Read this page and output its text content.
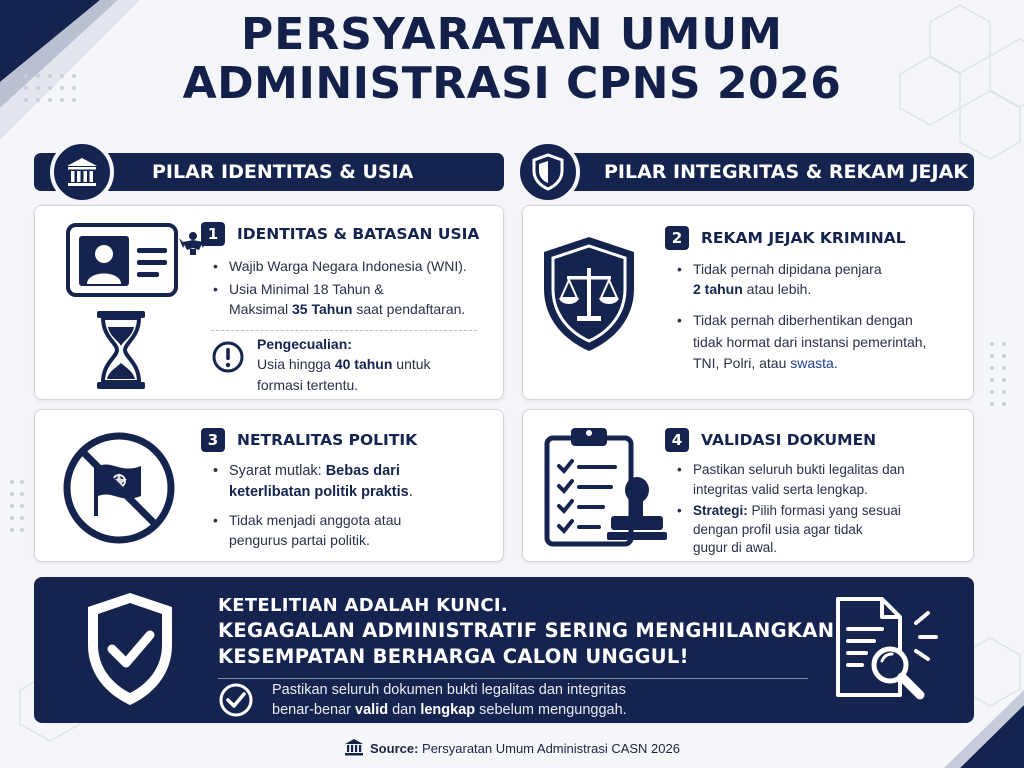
PERSYARATAN UMUM
ADMINISTRASI CPNS 2026
PILAR IDENTITAS & USIA	PILAR INTEGRITAS & REKAM JEJAK
1	IDENTITAS & BATASAN USIA
• Wajib Warga Negara Indonesia (WNI).
• Usia Minimal 18 Tahun &
Maksimal 35 Tahun saat pendaftaran.
Pengecualian:
Usia hingga 40 tahun untuk
formasi tertentu.
2	REKAM JEJAK KRIMINAL
• Tidak pernah dipidana penjara
2 tahun atau lebih.
• Tidak pernah diberhentikan dengan
tidak hormat dari instansi pemerintah,
TNI, Polri, atau swasta.
3	NETRALITAS POLITIK
• Syarat mutlak: Bebas dari
keterlibatan politik praktis.
• Tidak menjadi anggota atau
pengurus partai politik.
4	VALIDASI DOKUMEN
• Pastikan seluruh bukti legalitas dan
integritas valid serta lengkap.
• Strategi: Pilih formasi yang sesuai
dengan profil usia agar tidak
gugur di awal.
KETELITIAN ADALAH KUNCI.
KEGAGALAN ADMINISTRATIF SERING MENGHILANGKAN
KESEMPATAN BERHARGA CALON UNGGUL!
Pastikan seluruh dokumen bukti legalitas dan integritas
benar-benar valid dan lengkap sebelum mengunggah.
Source: Persyaratan Umum Administrasi CASN 2026
